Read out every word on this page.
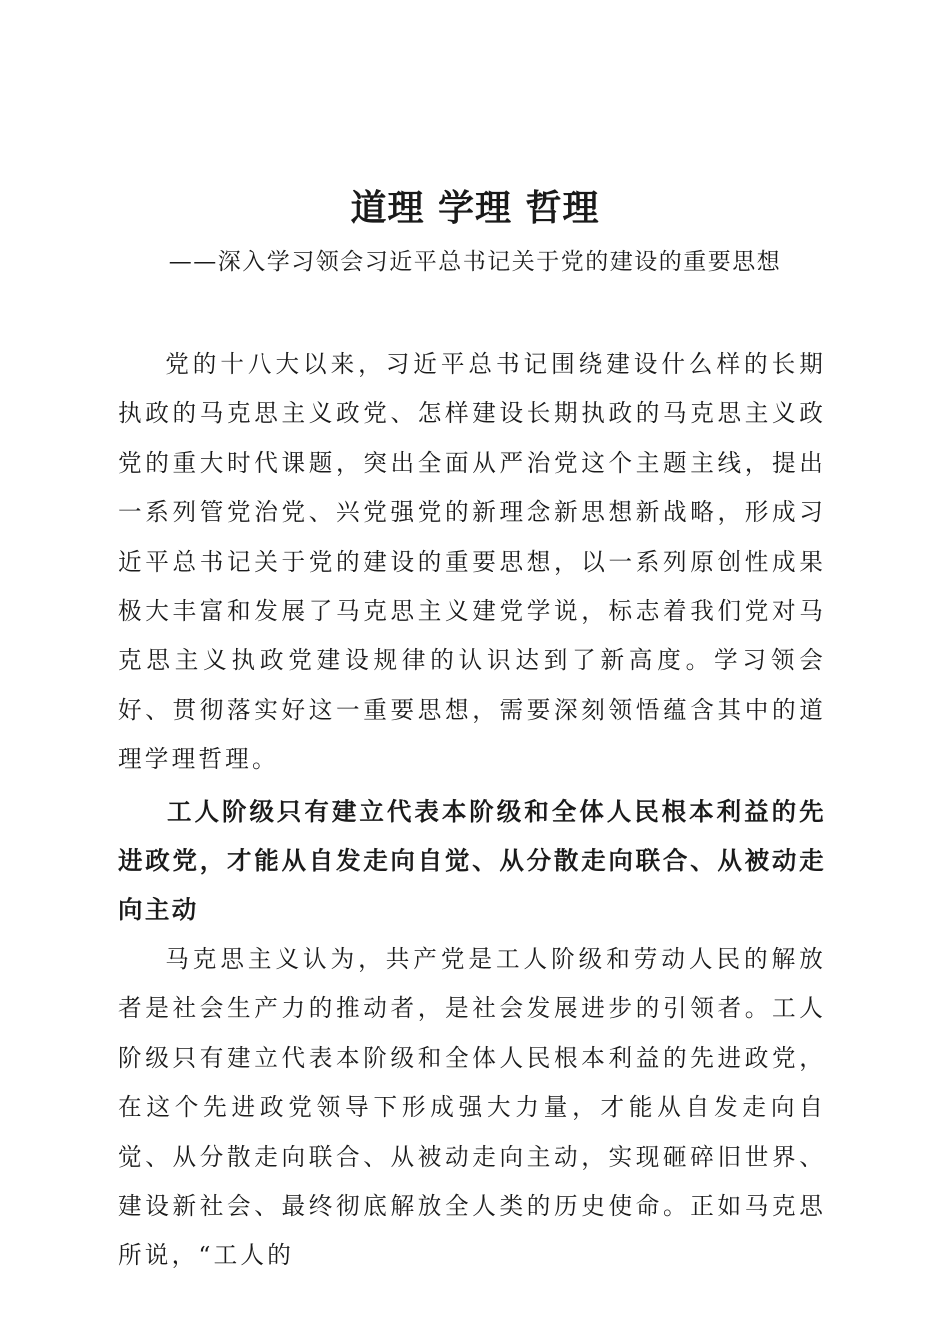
道理 学理 哲理

——深入学习领会习近平总书记关于党的建设的重要思想

党的十八大以来，习近平总书记围绕建设什么样的长期执政的马克思主义政党、怎样建设长期执政的马克思主义政党的重大时代课题，突出全面从严治党这个主题主线，提出一系列管党治党、兴党强党的新理念新思想新战略，形成习近平总书记关于党的建设的重要思想，以一系列原创性成果极大丰富和发展了马克思主义建党学说，标志着我们党对马克思主义执政党建设规律的认识达到了新高度。学习领会好、贯彻落实好这一重要思想，需要深刻领悟蕴含其中的道理学理哲理。

工人阶级只有建立代表本阶级和全体人民根本利益的先进政党，才能从自发走向自觉、从分散走向联合、从被动走向主动

马克思主义认为，共产党是工人阶级和劳动人民的解放者是社会生产力的推动者，是社会发展进步的引领者。工人阶级只有建立代表本阶级和全体人民根本利益的先进政党，在这个先进政党领导下形成强大力量，才能从自发走向自觉、从分散走向联合、从被动走向主动，实现砸碎旧世界、建设新社会、最终彻底解放全人类的历史使命。正如马克思所说，“工人的
